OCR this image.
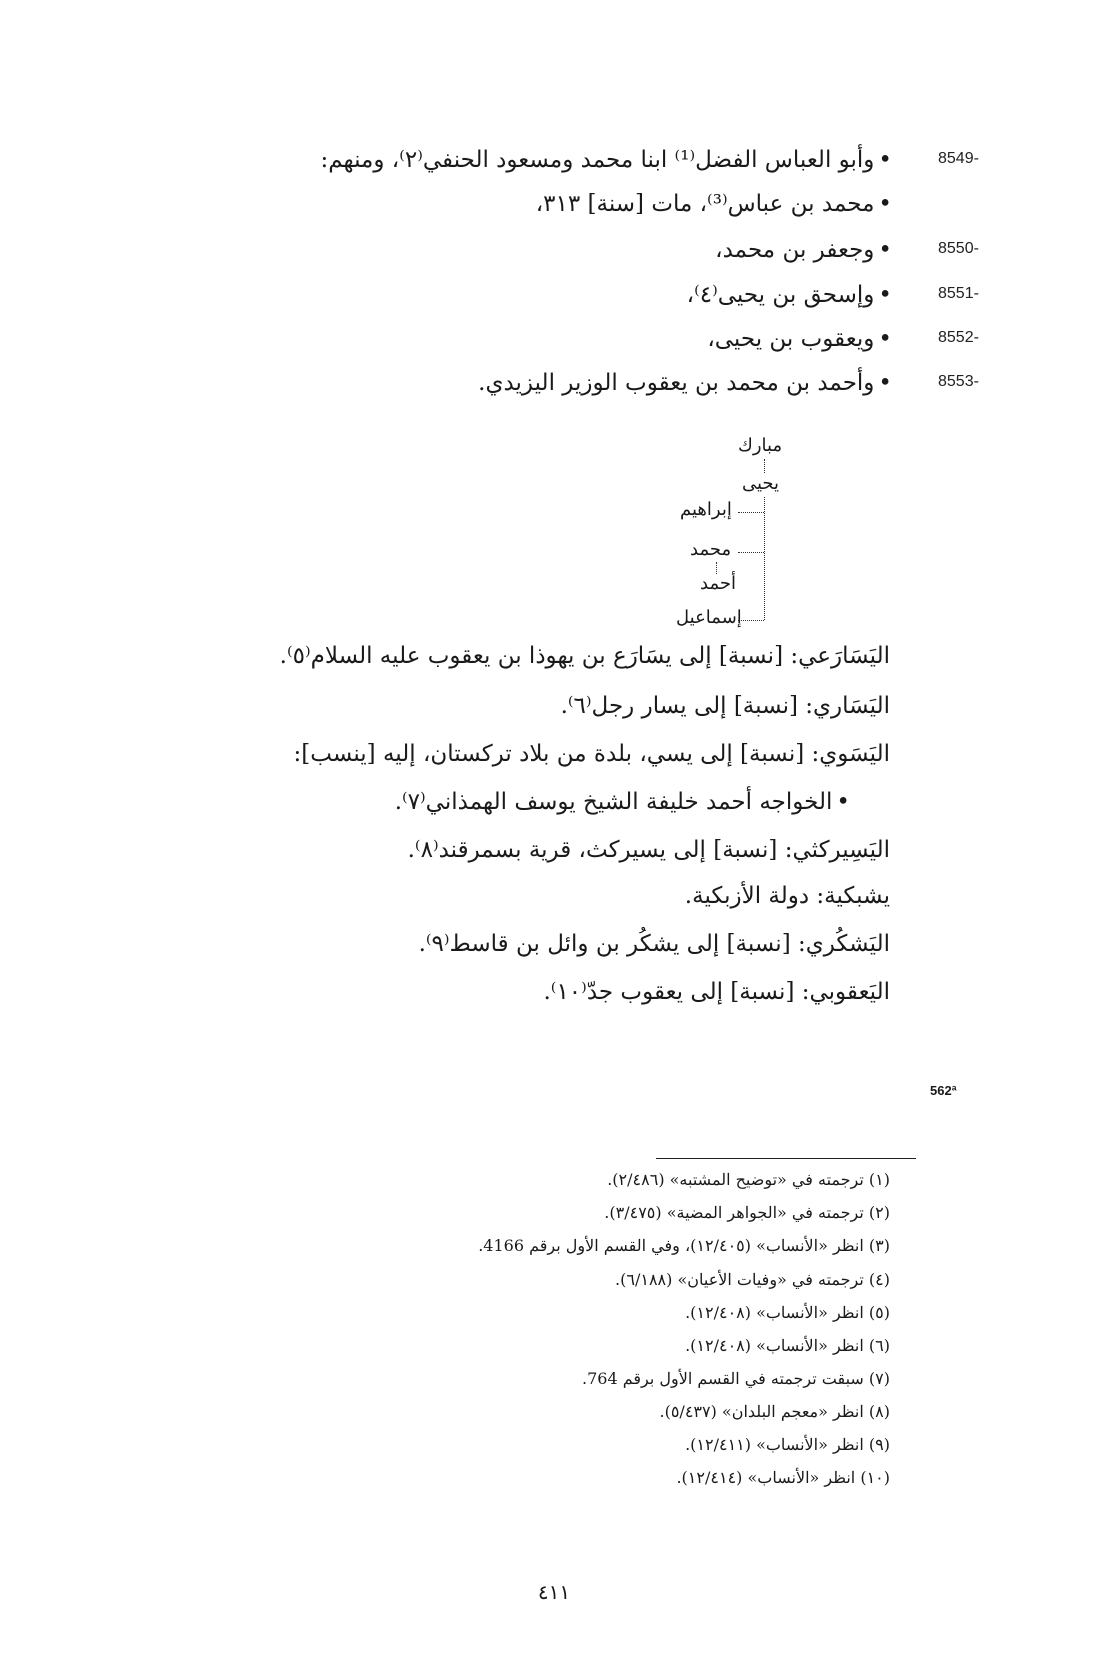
8549-
•وأبو العباس الفضل⁽¹⁾ ابنا محمد ومسعود الحنفي⁽٢⁾، ومنهم:
•محمد بن عباس⁽³⁾، مات [سنة] ٣١٣،
8550-
•وجعفر بن محمد،
8551-
•وإسحق بن يحيى⁽٤⁾،
8552-
•ويعقوب بن يحيى،
8553-
•وأحمد بن محمد بن يعقوب الوزير اليزيدي.
مبارك
يحيى
إبراهيم
محمد
أحمد
إسماعيل
اليَسَارَعي: [نسبة] إلى يسَارَع بن يهوذا بن يعقوب عليه السلام⁽٥⁾.
اليَسَاري: [نسبة] إلى يسار رجل⁽٦⁾.
اليَسَوي: [نسبة] إلى يسي، بلدة من بلاد تركستان، إليه [ينسب]:
•الخواجه أحمد خليفة الشيخ يوسف الهمذاني⁽٧⁾.
اليَسِيركثي: [نسبة] إلى يسيركث، قرية بسمرقند⁽٨⁾.
يشبكية: دولة الأزبكية.
اليَشكُري: [نسبة] إلى يشكُر بن وائل بن قاسط⁽٩⁾.
اليَعقوبي: [نسبة] إلى يعقوب جدّ⁽١٠⁾.
562ª
(١) ترجمته في «توضيح المشتبه» (٢/٤٨٦).
(٢) ترجمته في «الجواهر المضية» (٣/٤٧٥).
(٣) انظر «الأنساب» (١٢/٤٠٥)، وفي القسم الأول برقم 4166.
(٤) ترجمته في «وفيات الأعيان» (٦/١٨٨).
(٥) انظر «الأنساب» (١٢/٤٠٨).
(٦) انظر «الأنساب» (١٢/٤٠٨).
(٧) سبقت ترجمته في القسم الأول برقم 764.
(٨) انظر «معجم البلدان» (٥/٤٣٧).
(٩) انظر «الأنساب» (١٢/٤١١).
(١٠) انظر «الأنساب» (١٢/٤١٤).
٤١١
